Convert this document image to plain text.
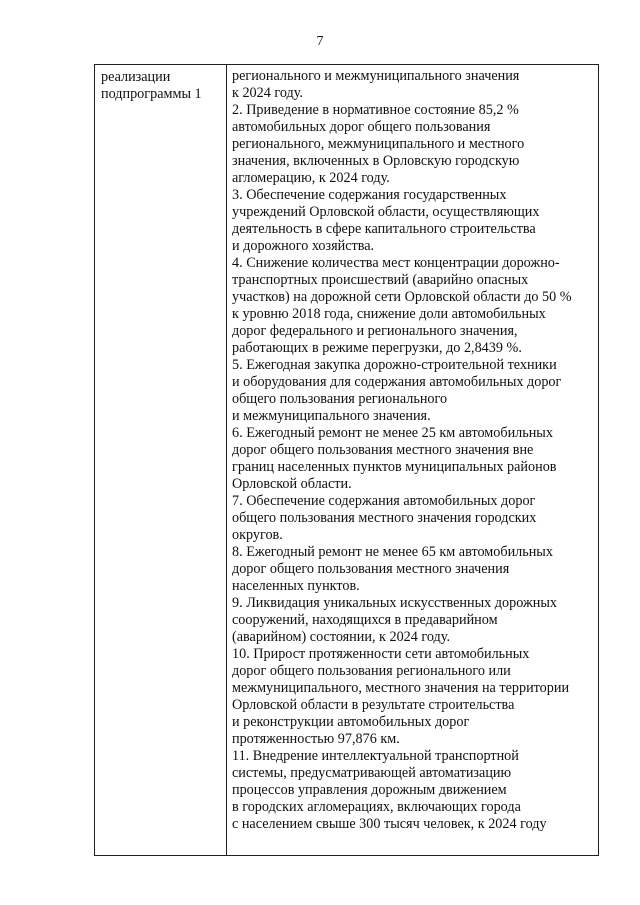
7
реализации
подпрограммы 1
регионального и межмуниципального значения
к 2024 году.
2. Приведение в нормативное состояние 85,2 %
автомобильных дорог общего пользования
регионального, межмуниципального и местного
значения, включенных в Орловскую городскую
агломерацию, к 2024 году.
3. Обеспечение содержания государственных
учреждений Орловской области, осуществляющих
деятельность в сфере капитального строительства
и дорожного хозяйства.
4. Снижение количества мест концентрации дорожно-
транспортных происшествий (аварийно опасных
участков) на дорожной сети Орловской области до 50 %
к уровню 2018 года, снижение доли автомобильных
дорог федерального и регионального значения,
работающих в режиме перегрузки, до 2,8439 %.
5. Ежегодная закупка дорожно-строительной техники
и оборудования для содержания автомобильных дорог
общего пользования регионального
и межмуниципального значения.
6. Ежегодный ремонт не менее 25 км автомобильных
дорог общего пользования местного значения вне
границ населенных пунктов муниципальных районов
Орловской области.
7. Обеспечение содержания автомобильных дорог
общего пользования местного значения городских
округов.
8. Ежегодный ремонт не менее 65 км автомобильных
дорог общего пользования местного значения
населенных пунктов.
9. Ликвидация уникальных искусственных дорожных
сооружений, находящихся в предаварийном
(аварийном) состоянии, к 2024 году.
10. Прирост протяженности сети автомобильных
дорог общего пользования регионального или
межмуниципального, местного значения на территории
Орловской области в результате строительства
и реконструкции автомобильных дорог
протяженностью 97,876 км.
11. Внедрение интеллектуальной транспортной
системы, предусматривающей автоматизацию
процессов управления дорожным движением
в городских агломерациях, включающих города
с населением свыше 300 тысяч человек, к 2024 году
